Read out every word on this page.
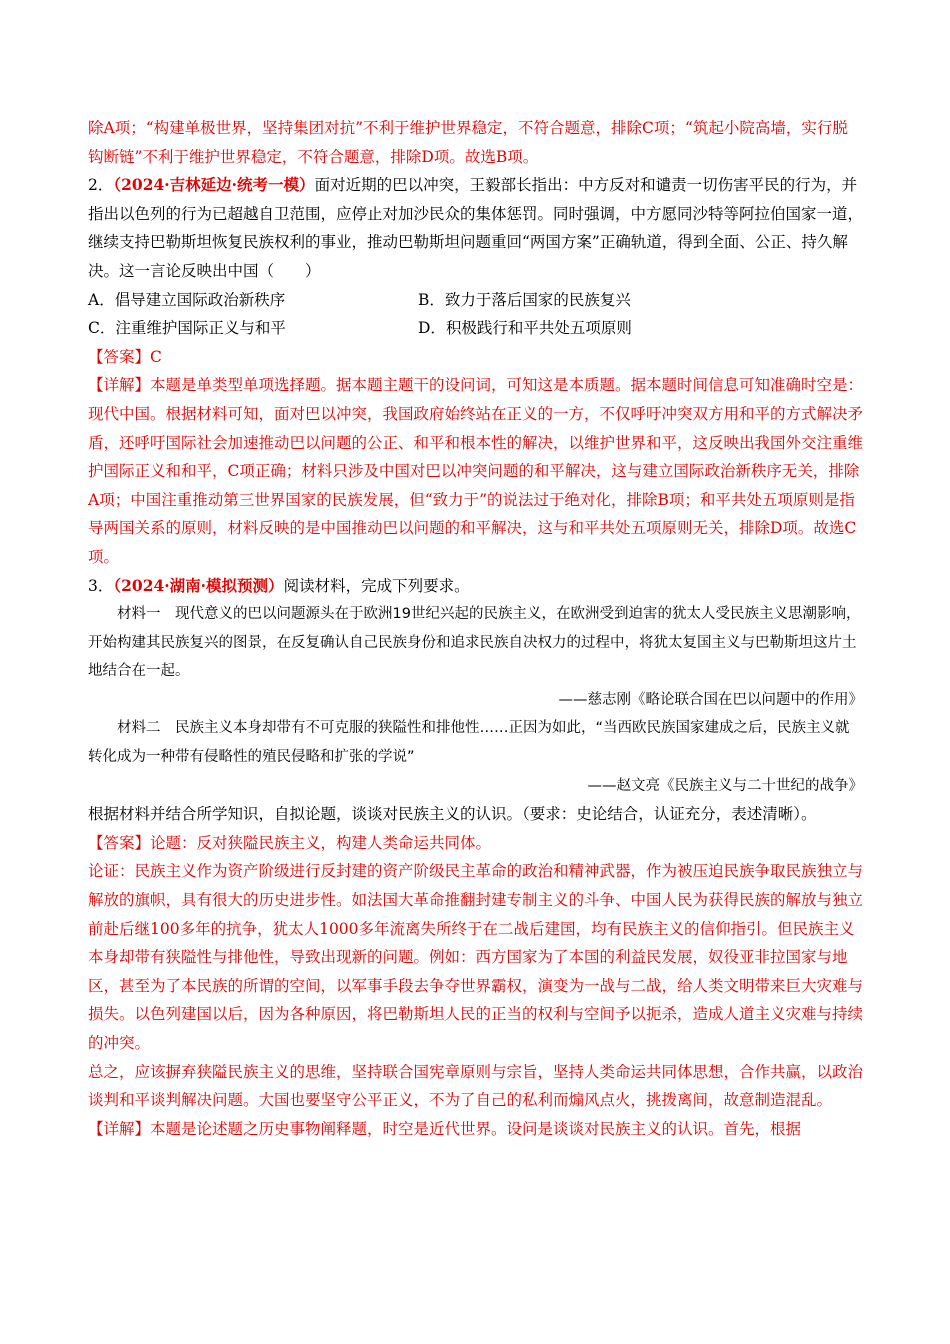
除A项；“构建单极世界，坚持集团对抗”不利于维护世界稳定，不符合题意，排除C项；“筑起小院高墙，实行脱钩断链”不利于维护世界稳定，不符合题意，排除D项。故选B项。

2．（2024·吉林延边·统考一模）面对近期的巴以冲突，王毅部长指出：中方反对和谴责一切伤害平民的行为，并指出以色列的行为已超越自卫范围，应停止对加沙民众的集体惩罚。同时强调，中方愿同沙特等阿拉伯国家一道，继续支持巴勒斯坦恢复民族权利的事业，推动巴勒斯坦问题重回“两国方案”正确轨道，得到全面、公正、持久解决。这一言论反映出中国（　　）

A．倡导建立国际政治新秩序	B．致力于落后国家的民族复兴
C．注重维护国际正义与和平	D．积极践行和平共处五项原则

【答案】C

【详解】本题是单类型单项选择题。据本题主题干的设问词，可知这是本质题。据本题时间信息可知准确时空是：现代中国。根据材料可知，面对巴以冲突，我国政府始终站在正义的一方，不仅呼吁冲突双方用和平的方式解决矛盾，还呼吁国际社会加速推动巴以问题的公正、和平和根本性的解决，以维护世界和平，这反映出我国外交注重维护国际正义和和平，C项正确；材料只涉及中国对巴以冲突问题的和平解决，这与建立国际政治新秩序无关，排除A项；中国注重推动第三世界国家的民族发展，但“致力于”的说法过于绝对化，排除B项；和平共处五项原则是指导两国关系的原则，材料反映的是中国推动巴以问题的和平解决，这与和平共处五项原则无关，排除D项。故选C项。

3．（2024·湖南·模拟预测）阅读材料，完成下列要求。

材料一　现代意义的巴以问题源头在于欧洲19世纪兴起的民族主义，在欧洲受到迫害的犹太人受民族主义思潮影响，开始构建其民族复兴的图景，在反复确认自己民族身份和追求民族自决权力的过程中，将犹太复国主义与巴勒斯坦这片土地结合在一起。

——慈志刚《略论联合国在巴以问题中的作用》

材料二　民族主义本身却带有不可克服的狭隘性和排他性……正因为如此，“当西欧民族国家建成之后，民族主义就转化成为一种带有侵略性的殖民侵略和扩张的学说”

——赵文亮《民族主义与二十世纪的战争》

根据材料并结合所学知识，自拟论题，谈谈对民族主义的认识。（要求：史论结合，认证充分，表述清晰）。

【答案】论题：反对狭隘民族主义，构建人类命运共同体。

论证：民族主义作为资产阶级进行反封建的资产阶级民主革命的政治和精神武器，作为被压迫民族争取民族独立与解放的旗帜，具有很大的历史进步性。如法国大革命推翻封建专制主义的斗争、中国人民为获得民族的解放与独立前赴后继100多年的抗争，犹太人1000多年流离失所终于在二战后建国，均有民族主义的信仰指引。但民族主义本身却带有狭隘性与排他性，导致出现新的问题。例如：西方国家为了本国的利益民发展，奴役亚非拉国家与地区，甚至为了本民族的所谓的空间，以军事手段去争夺世界霸权，演变为一战与二战，给人类文明带来巨大灾难与损失。以色列建国以后，因为各种原因，将巴勒斯坦人民的正当的权利与空间予以扼杀，造成人道主义灾难与持续的冲突。

总之，应该摒弃狭隘民族主义的思维，坚持联合国宪章原则与宗旨，坚持人类命运共同体思想，合作共赢，以政治谈判和平谈判解决问题。大国也要坚守公平正义，不为了自己的私利而煽风点火，挑拨离间，故意制造混乱。

【详解】本题是论述题之历史事物阐释题，时空是近代世界。设问是谈谈对民族主义的认识。首先，根据
